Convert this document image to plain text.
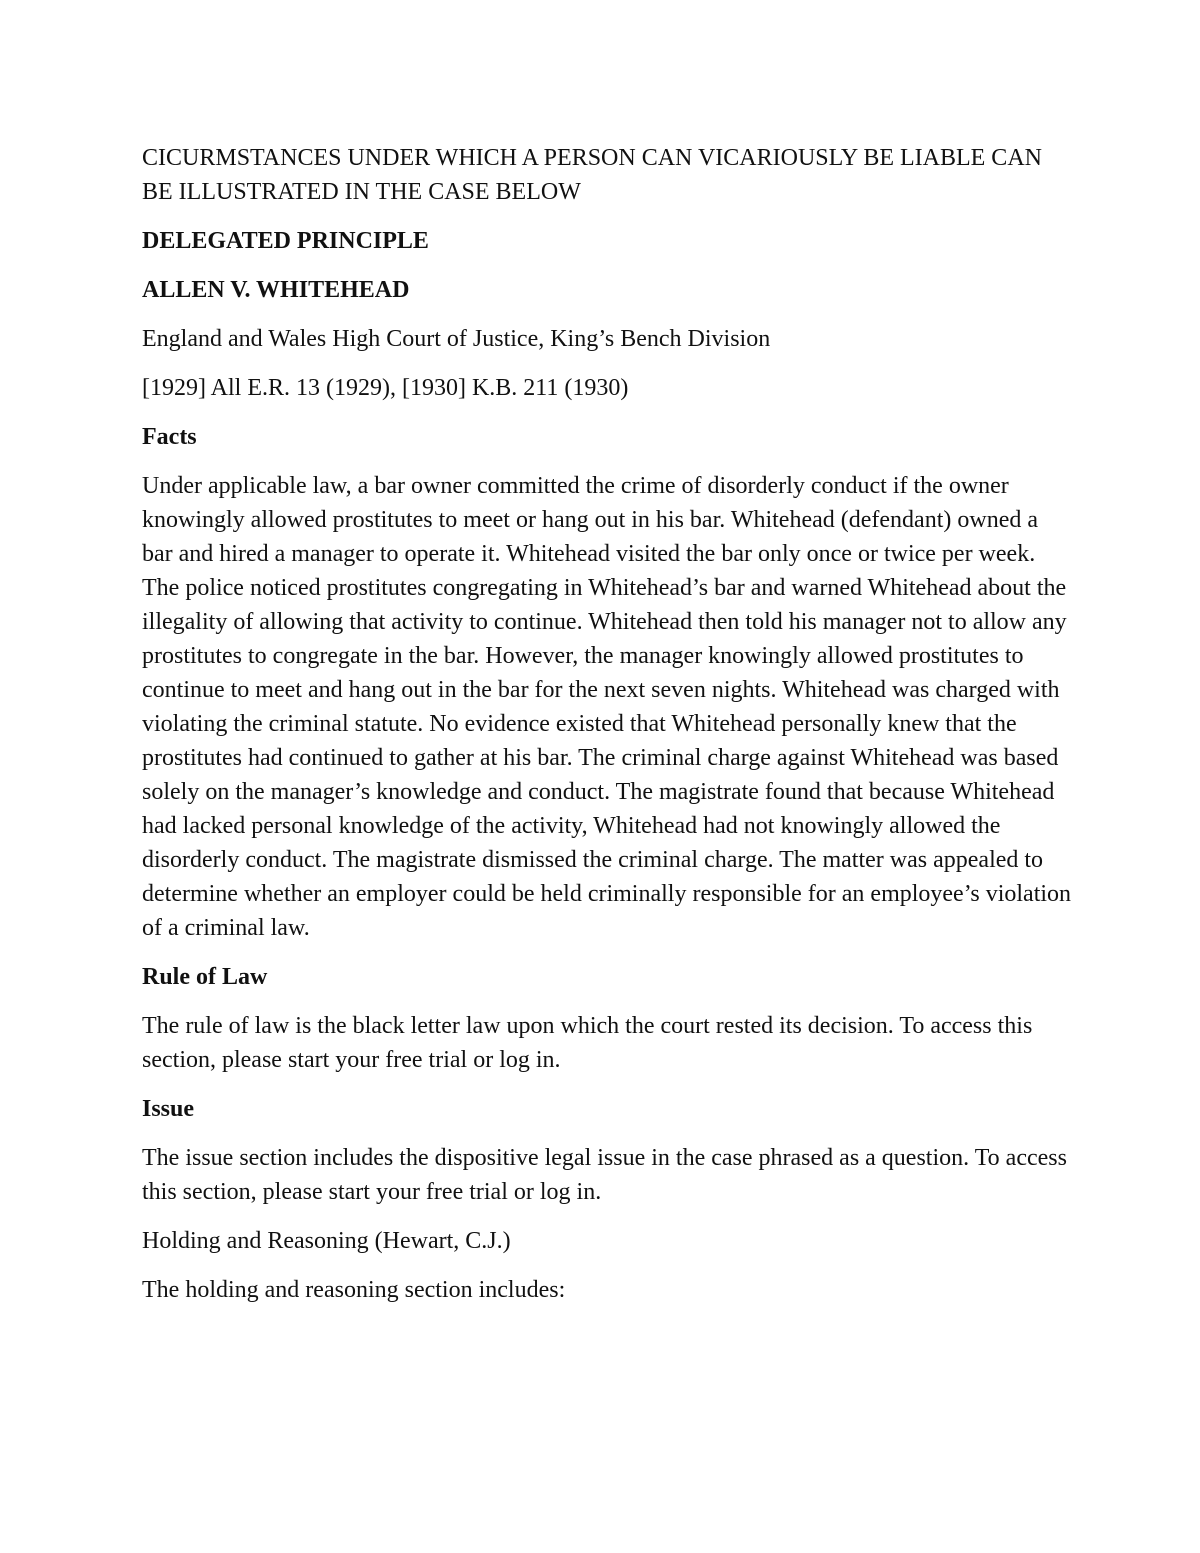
CICURMSTANCES UNDER WHICH A PERSON CAN VICARIOUSLY BE LIABLE CAN BE ILLUSTRATED IN THE CASE BELOW

DELEGATED PRINCIPLE

ALLEN V. WHITEHEAD

England and Wales High Court of Justice, King’s Bench Division

[1929] All E.R. 13 (1929), [1930] K.B. 211 (1930)

Facts

Under applicable law, a bar owner committed the crime of disorderly conduct if the owner knowingly allowed prostitutes to meet or hang out in his bar. Whitehead (defendant) owned a bar and hired a manager to operate it. Whitehead visited the bar only once or twice per week. The police noticed prostitutes congregating in Whitehead’s bar and warned Whitehead about the illegality of allowing that activity to continue. Whitehead then told his manager not to allow any prostitutes to congregate in the bar. However, the manager knowingly allowed prostitutes to continue to meet and hang out in the bar for the next seven nights. Whitehead was charged with violating the criminal statute. No evidence existed that Whitehead personally knew that the prostitutes had continued to gather at his bar. The criminal charge against Whitehead was based solely on the manager’s knowledge and conduct. The magistrate found that because Whitehead had lacked personal knowledge of the activity, Whitehead had not knowingly allowed the disorderly conduct. The magistrate dismissed the criminal charge. The matter was appealed to determine whether an employer could be held criminally responsible for an employee’s violation of a criminal law.

Rule of Law

The rule of law is the black letter law upon which the court rested its decision. To access this section, please start your free trial or log in.

Issue

The issue section includes the dispositive legal issue in the case phrased as a question. To access this section, please start your free trial or log in.

Holding and Reasoning (Hewart, C.J.)

The holding and reasoning section includes:
